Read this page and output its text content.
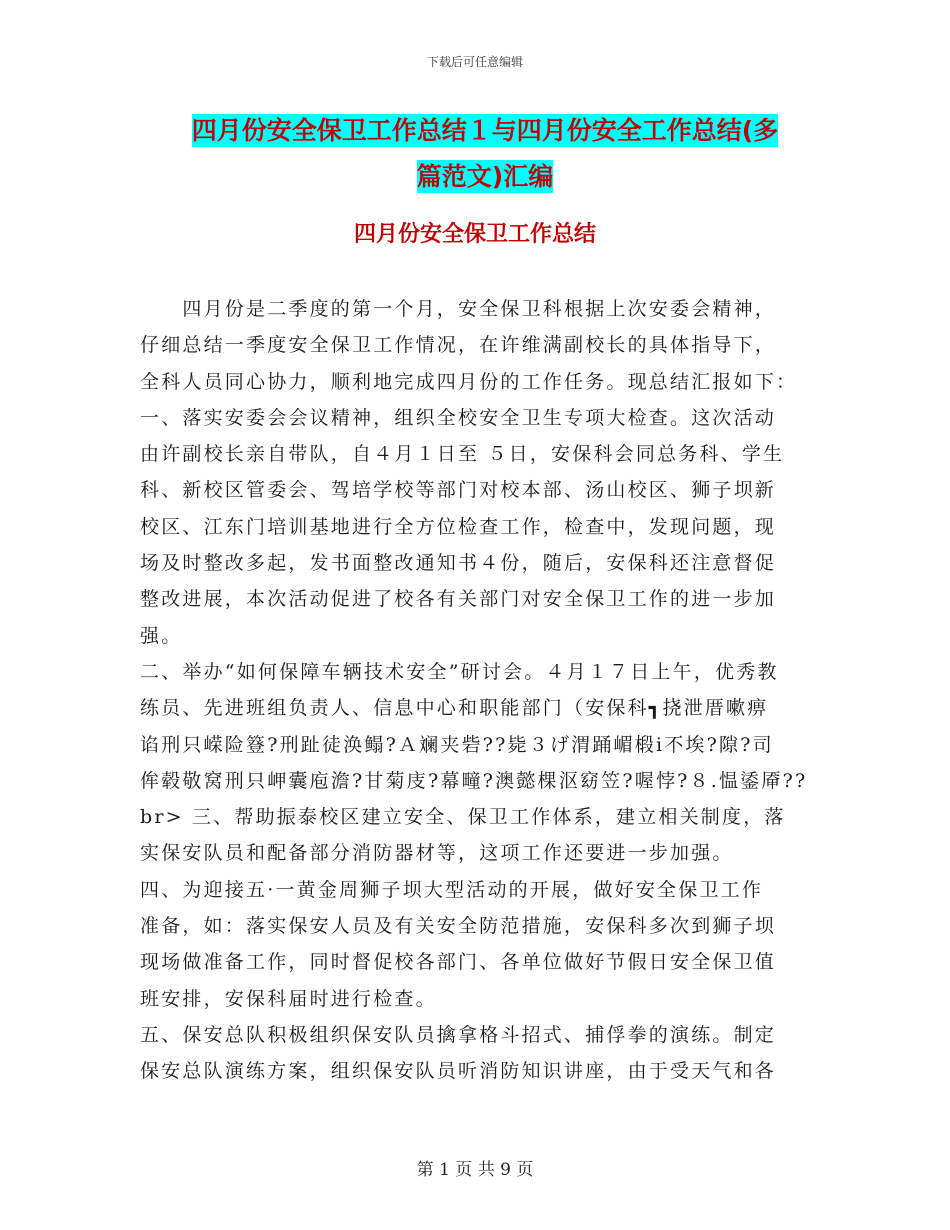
下载后可任意编辑
四月份安全保卫工作总结１与四月份安全工作总结(多
篇范文)汇编
四月份安全保卫工作总结

　　四月份是二季度的第一个月，安全保卫科根据上次安委会精神，

仔细总结一季度安全保卫工作情况，在许维满副校长的具体指导下，

全科人员同心协力，顺利地完成四月份的工作任务。现总结汇报如下：

一、落实安委会会议精神，组织全校安全卫生专项大检查。这次活动

由许副校长亲自带队，自４月１日至 ５日，安保科会同总务科、学生

科、新校区管委会、驾培学校等部门对校本部、汤山校区、狮子坝新

校区、江东门培训基地进行全方位检查工作，检查中，发现问题，现

场及时整改多起，发书面整改通知书４份，随后，安保科还注意督促

整改进展，本次活动促进了校各有关部门对安全保卫工作的进一步加

强。

二、举办“如何保障车辆技术安全”研讨会。４月１７日上午，优秀教

练员、先进班组负责人、信息中心和职能部门（安保科┓挠泄厝嗽痹

谄刑只嵘险簦?刑趾徒涣鳎?Ａ斓夹砦??毙３げ渭踊嵋椴ⅰ不埃?隙?司

侔毂敬窝刑只岬囊庖澹?甘菊庋?幕疃?澳懿棵沤窈笠?喔悖?８.愠鋈厣??

br> 三、帮助振泰校区建立安全、保卫工作体系，建立相关制度，落

实保安队员和配备部分消防器材等，这项工作还要进一步加强。

四、为迎接五·一黄金周狮子坝大型活动的开展，做好安全保卫工作

准备，如：落实保安人员及有关安全防范措施，安保科多次到狮子坝

现场做准备工作，同时督促校各部门、各单位做好节假日安全保卫值

班安排，安保科届时进行检查。

五、保安总队积极组织保安队员擒拿格斗招式、捕俘拳的演练。制定

保安总队演练方案，组织保安队员听消防知识讲座，由于受天气和各

第 1 页 共 9 页
